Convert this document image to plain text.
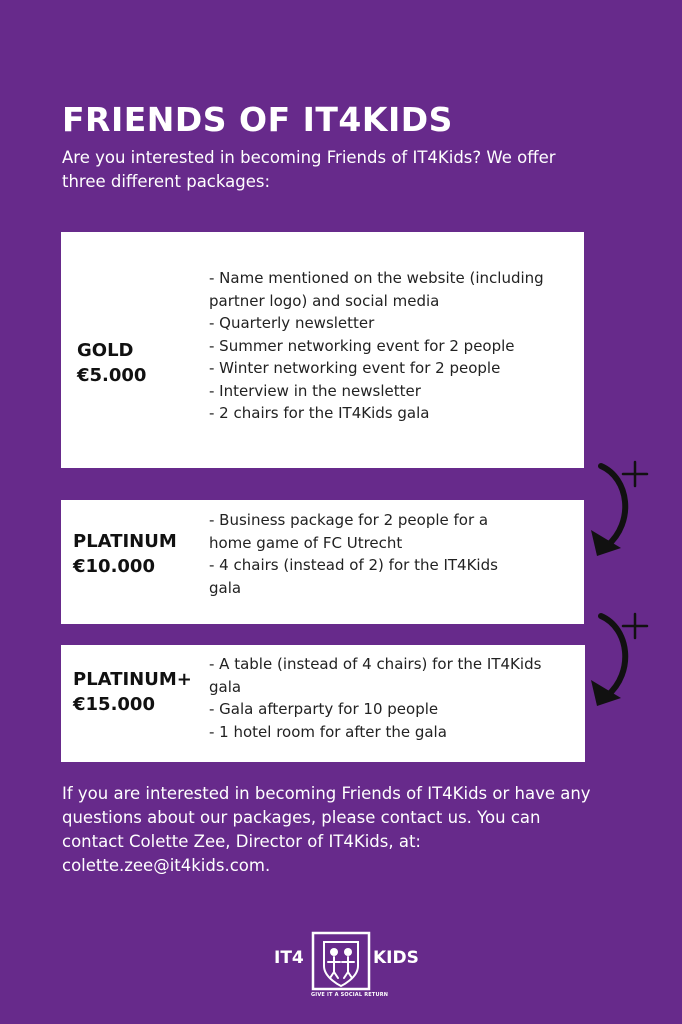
FRIENDS OF IT4KIDS

Are you interested in becoming Friends of IT4Kids? We offer three different packages:

GOLD
€5.000
- Name mentioned on the website (including
partner logo) and social media
- Quarterly newsletter
- Summer networking event for 2 people
- Winter networking event for 2 people
- Interview in the newsletter
- 2 chairs for the IT4Kids gala
PLATINUM
€10.000
- Business package for 2 people for a
home game of FC Utrecht
- 4 chairs (instead of 2) for the IT4Kids
gala
PLATINUM+
€15.000
- A table (instead of 4 chairs) for the IT4Kids
gala
- Gala afterparty for 10 people
- 1 hotel room for after the gala

If you are interested in becoming Friends of IT4Kids or have any questions about our packages, please contact us. You can contact Colette Zee, Director of IT4Kids, at: colette.zee@it4kids.com.

IT4	KIDS
GIVE IT A SOCIAL RETURN
